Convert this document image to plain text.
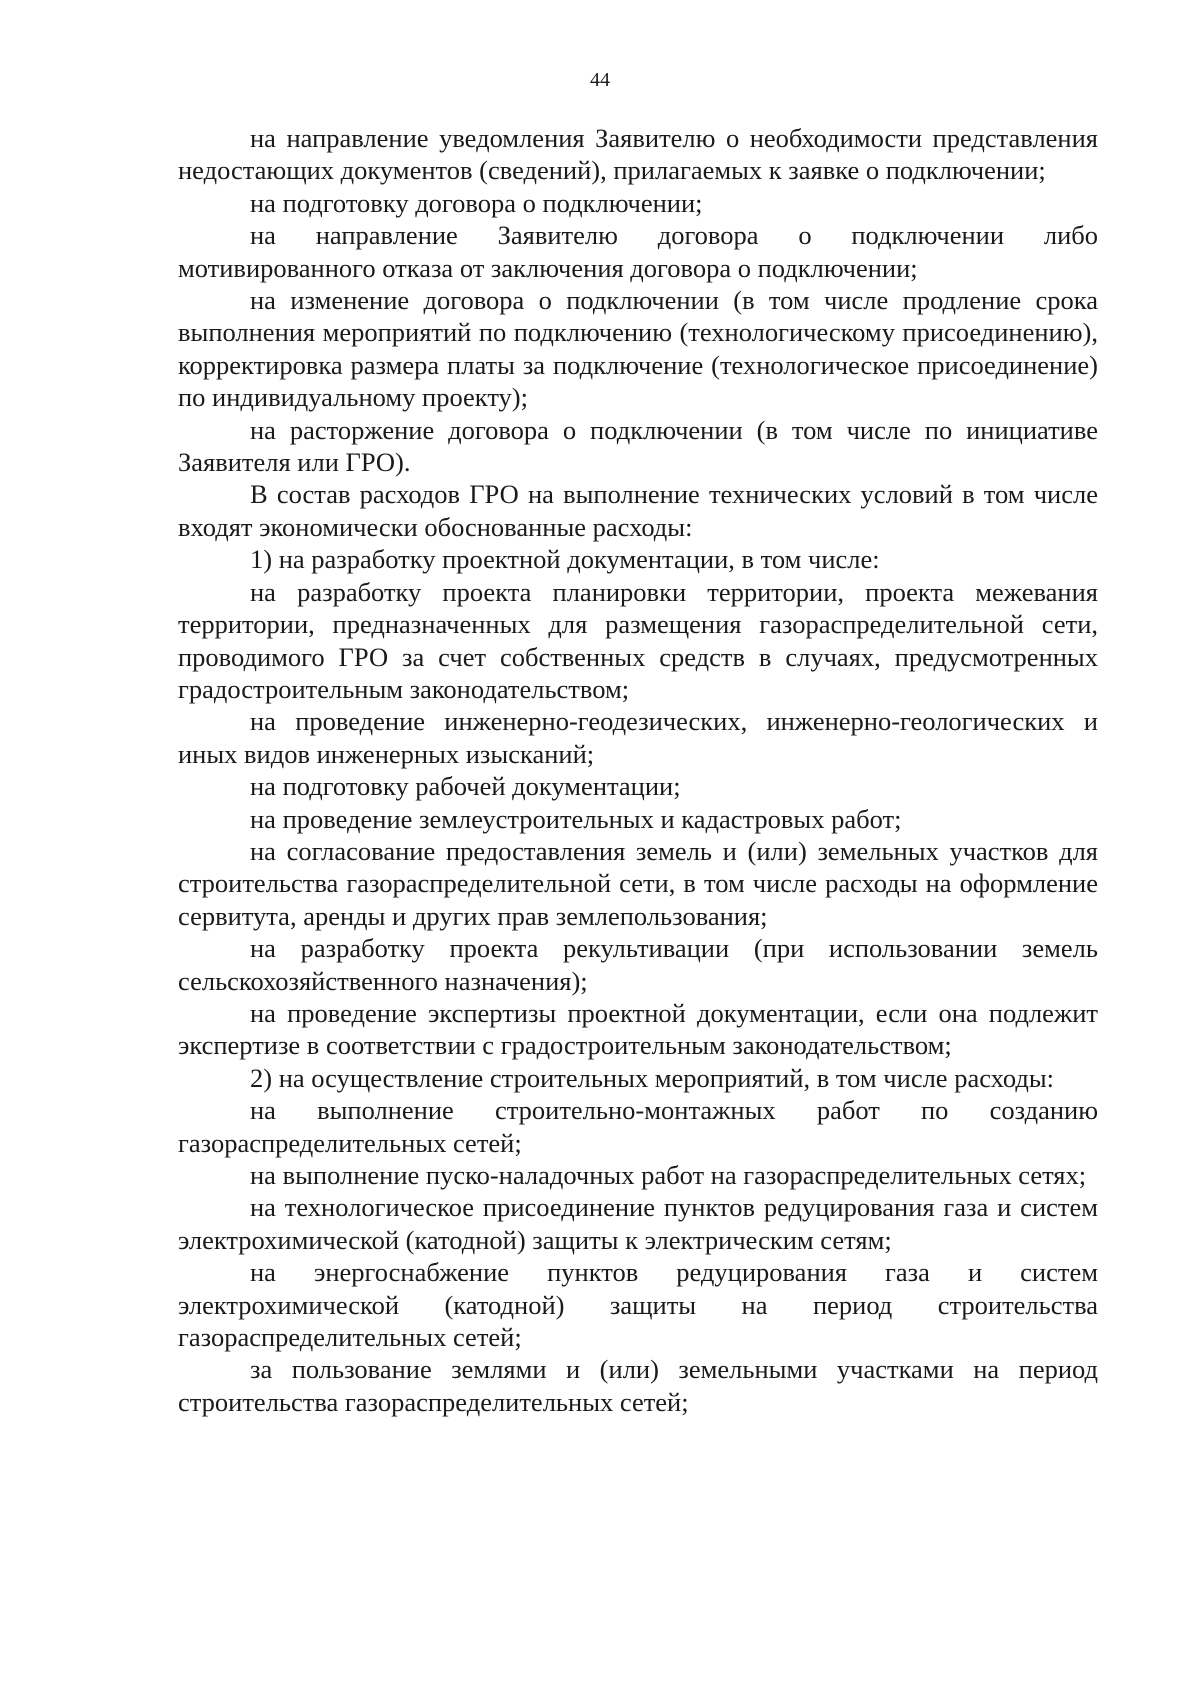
44

на направление уведомления Заявителю о необходимости представления недостающих документов (сведений), прилагаемых к заявке о подключении;

на подготовку договора о подключении;

на направление Заявителю договора о подключении либо мотивированного отказа от заключения договора о подключении;

на изменение договора о подключении (в том числе продление срока выполнения мероприятий по подключению (технологическому присоединению), корректировка размера платы за подключение (технологическое присоединение) по индивидуальному проекту);

на расторжение договора о подключении (в том числе по инициативе Заявителя или ГРО).

В состав расходов ГРО на выполнение технических условий в том числе входят экономически обоснованные расходы:

1) на разработку проектной документации, в том числе:

на разработку проекта планировки территории, проекта межевания территории, предназначенных для размещения газораспределительной сети, проводимого ГРО за счет собственных средств в случаях, предусмотренных градостроительным законодательством;

на проведение инженерно-геодезических, инженерно-геологических и иных видов инженерных изысканий;

на подготовку рабочей документации;

на проведение землеустроительных и кадастровых работ;

на согласование предоставления земель и (или) земельных участков для строительства газораспределительной сети, в том числе расходы на оформление сервитута, аренды и других прав землепользования;

на разработку проекта рекультивации (при использовании земель сельскохозяйственного назначения);

на проведение экспертизы проектной документации, если она подлежит экспертизе в соответствии с градостроительным законодательством;

2) на осуществление строительных мероприятий, в том числе расходы:

на выполнение строительно-монтажных работ по созданию газораспределительных сетей;

на выполнение пуско-наладочных работ на газораспределительных сетях;

на технологическое присоединение пунктов редуцирования газа и систем электрохимической (катодной) защиты к электрическим сетям;

на энергоснабжение пунктов редуцирования газа и систем электрохимической (катодной) защиты на период строительства газораспределительных сетей;

за пользование землями и (или) земельными участками на период строительства газораспределительных сетей;
